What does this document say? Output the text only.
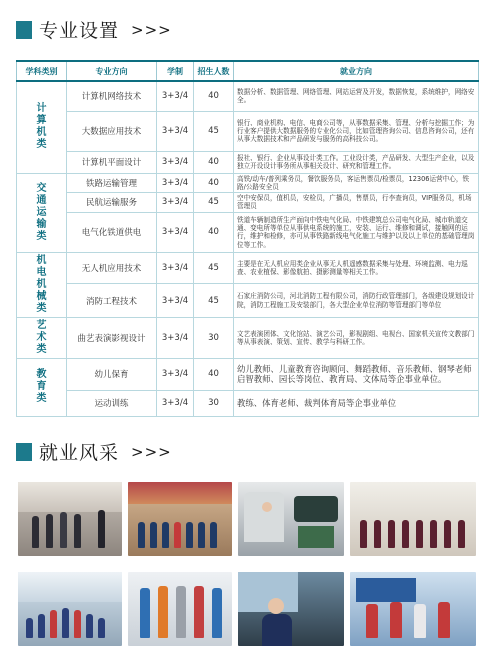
专业设置 >>>
学科类别	专业方向	学制	招生人数	就业方向

计算机类	计算机网络技术	3+3/4	40	数据分析、数据管理、网络管理、网站运营及开发，数据恢复，系统维护，网络安全。
	大数据应用技术	3+3/4	45	银行、商业机构、电信、电商公司等，从事数据采集、管理、分析与挖掘工作；为行业客户提供大数据服务的专业化公司，比如管理咨询公司、信息咨询公司，还有从事大数据技术和产品研发与服务的高科技公司。
	计算机平面设计	3+3/4	40	报社、银行、企业从事设计类工作。工业设计类，产品研发、大型生产企业，以及独立开设设计事务所从事相关设计、研究和管理工作。

交通运输类	铁路运输管理	3+3/4	40	高铁/动车/普列乘务员，餐饮服务员，客运售票员/检票员，12306运营中心，铁路/公路安全员
	民航运输服务	3+3/4	45	空中安保员，值机员，安检员，广播员，售票员，行李查询员，VIP服务员，机场管理员
	电气化铁道供电	3+3/4	40	铁道车辆制造所生产面向中铁电气化局、中铁建筑总公司电气化局、城市轨道交通、变电所等单位从事供电系统的施工，安装、运行、维修和调试，接触网的运行，维护和检修，亦可从事铁路新线电气化施工与维护以及以上单位的基础管理岗位等工作。

机电机械类	无人机应用技术	3+3/4	45	主要是在无人机应用类企业从事无人机遥感数据采集与处理、环境监测、电力巡查、农业植保、影像航拍、摄影测量等相关工作。
	消防工程技术	3+3/4	45	石家庄消防公司，河北消防工程有限公司，消防行政管理部门，各级建设规划设计院，消防工程施工及安装部门，各大型企业单位消防等管理部门等单位

艺术类	曲艺表演影视设计	3+3/4	30	文艺表演团体、文化馆站、演艺公司，影视剧组、电视台、国家机关宣传文教部门等从事表演、策划、宣传、教学与科研工作。

教育类	幼儿保育	3+3/4	40	幼儿教师、儿童教育咨询顾问、舞蹈教师、音乐教师、钢琴老师启智教师、园长等岗位、教育局、文体局等企事业单位。
	运动训练	3+3/4	30	教练、体育老师、裁判体育局等企事业单位
就业风采 >>>
